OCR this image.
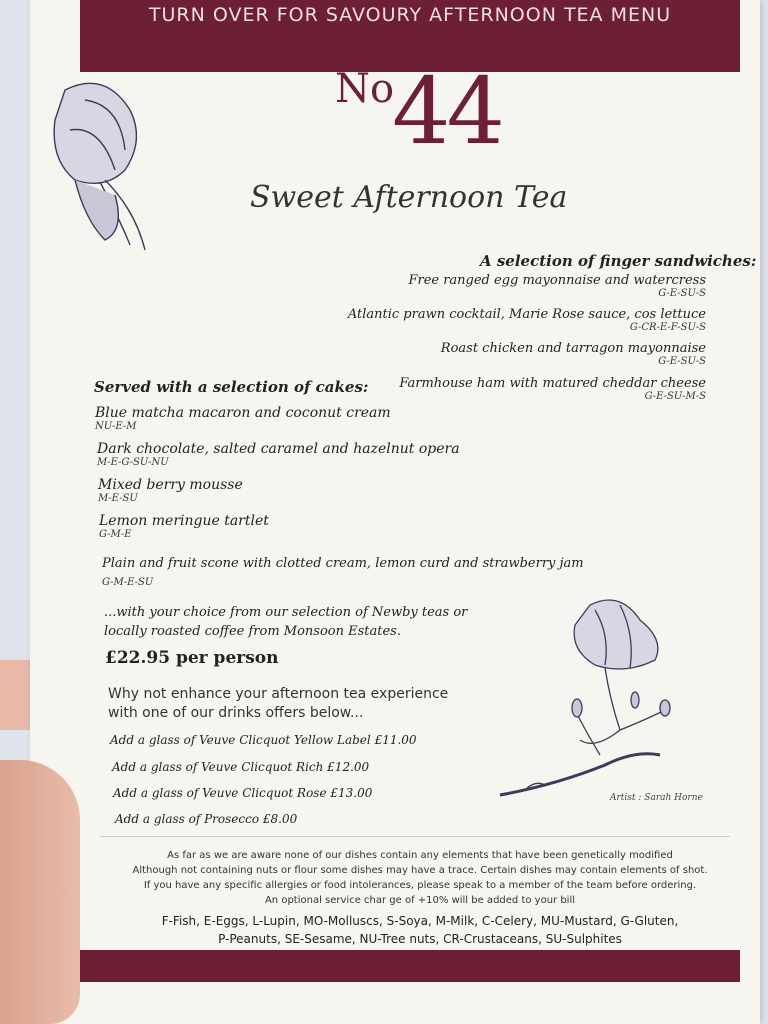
TURN OVER FOR SAVOURY AFTERNOON TEA MENU
No
44
Sweet Afternoon Tea
A selection of finger sandwiches:
Free ranged egg mayonnaise and watercress
G-E-SU-S
Atlantic prawn cocktail, Marie Rose sauce, cos lettuce
G-CR-E-F-SU-S
Roast chicken and tarragon mayonnaise
G-E-SU-S
Farmhouse ham with matured cheddar cheese
G-E-SU-M-S
Served with a selection of cakes:
Blue matcha macaron and coconut cream
NU-E-M
Dark chocolate, salted caramel and hazelnut opera
M-E-G-SU-NU
Mixed berry mousse
M-E-SU
Lemon meringue tartlet
G-M-E
Plain and fruit scone with clotted cream, lemon curd and strawberry jam
G-M-E-SU
...with your choice from our selection of Newby teas or
locally roasted coffee from Monsoon Estates.
£22.95 per person
Why not enhance your afternoon tea experience
with one of our drinks offers below...
Add a glass of Veuve Clicquot Yellow Label £11.00
Add a glass of Veuve Clicquot Rich £12.00
Add a glass of Veuve Clicquot Rose £13.00
Add a glass of Prosecco £8.00
Artist : Sarah Horne
As far as we are aware none of our dishes contain any elements that have been genetically modified
Although not containing nuts or flour some dishes may have a trace. Certain dishes may contain elements of shot.
If you have any specific allergies or food intolerances, please speak to a member of the team before ordering.
An optional service char ge of +10% will be added to your bill
F-Fish, E-Eggs, L-Lupin, MO-Molluscs, S-Soya, M-Milk, C-Celery, MU-Mustard, G-Gluten,
P-Peanuts, SE-Sesame, NU-Tree nuts, CR-Crustaceans, SU-Sulphites
